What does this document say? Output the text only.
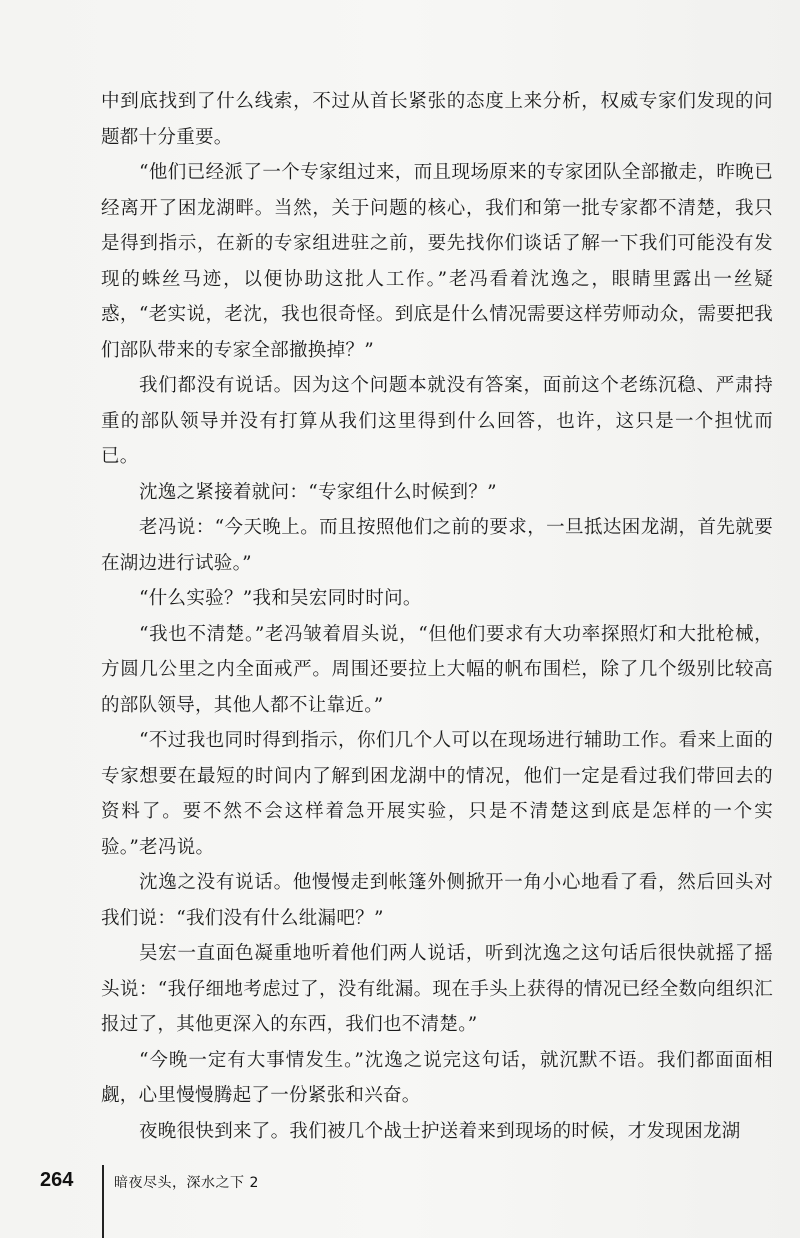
中到底找到了什么线索，不过从首长紧张的态度上来分析，权威专家们发现的问题都十分重要。

“他们已经派了一个专家组过来，而且现场原来的专家团队全部撤走，昨晚已经离开了困龙湖畔。当然，关于问题的核心，我们和第一批专家都不清楚，我只是得到指示，在新的专家组进驻之前，要先找你们谈话了解一下我们可能没有发现的蛛丝马迹，以便协助这批人工作。”老冯看着沈逸之，眼睛里露出一丝疑惑，“老实说，老沈，我也很奇怪。到底是什么情况需要这样劳师动众，需要把我们部队带来的专家全部撤换掉？”

我们都没有说话。因为这个问题本就没有答案，面前这个老练沉稳、严肃持重的部队领导并没有打算从我们这里得到什么回答，也许，这只是一个担忧而已。

沈逸之紧接着就问：“专家组什么时候到？”

老冯说：“今天晚上。而且按照他们之前的要求，一旦抵达困龙湖，首先就要在湖边进行试验。”

“什么实验？”我和吴宏同时时问。

“我也不清楚。”老冯皱着眉头说，“但他们要求有大功率探照灯和大批枪械，方圆几公里之内全面戒严。周围还要拉上大幅的帆布围栏，除了几个级别比较高的部队领导，其他人都不让靠近。”

“不过我也同时得到指示，你们几个人可以在现场进行辅助工作。看来上面的专家想要在最短的时间内了解到困龙湖中的情况，他们一定是看过我们带回去的资料了。要不然不会这样着急开展实验，只是不清楚这到底是怎样的一个实验。”老冯说。

沈逸之没有说话。他慢慢走到帐篷外侧掀开一角小心地看了看，然后回头对我们说：“我们没有什么纰漏吧？”

吴宏一直面色凝重地听着他们两人说话，听到沈逸之这句话后很快就摇了摇头说：“我仔细地考虑过了，没有纰漏。现在手头上获得的情况已经全数向组织汇报过了，其他更深入的东西，我们也不清楚。”

“今晚一定有大事情发生。”沈逸之说完这句话，就沉默不语。我们都面面相觑，心里慢慢腾起了一份紧张和兴奋。

夜晚很快到来了。我们被几个战士护送着来到现场的时候，才发现困龙湖

264	暗夜尽头，深水之下 2
